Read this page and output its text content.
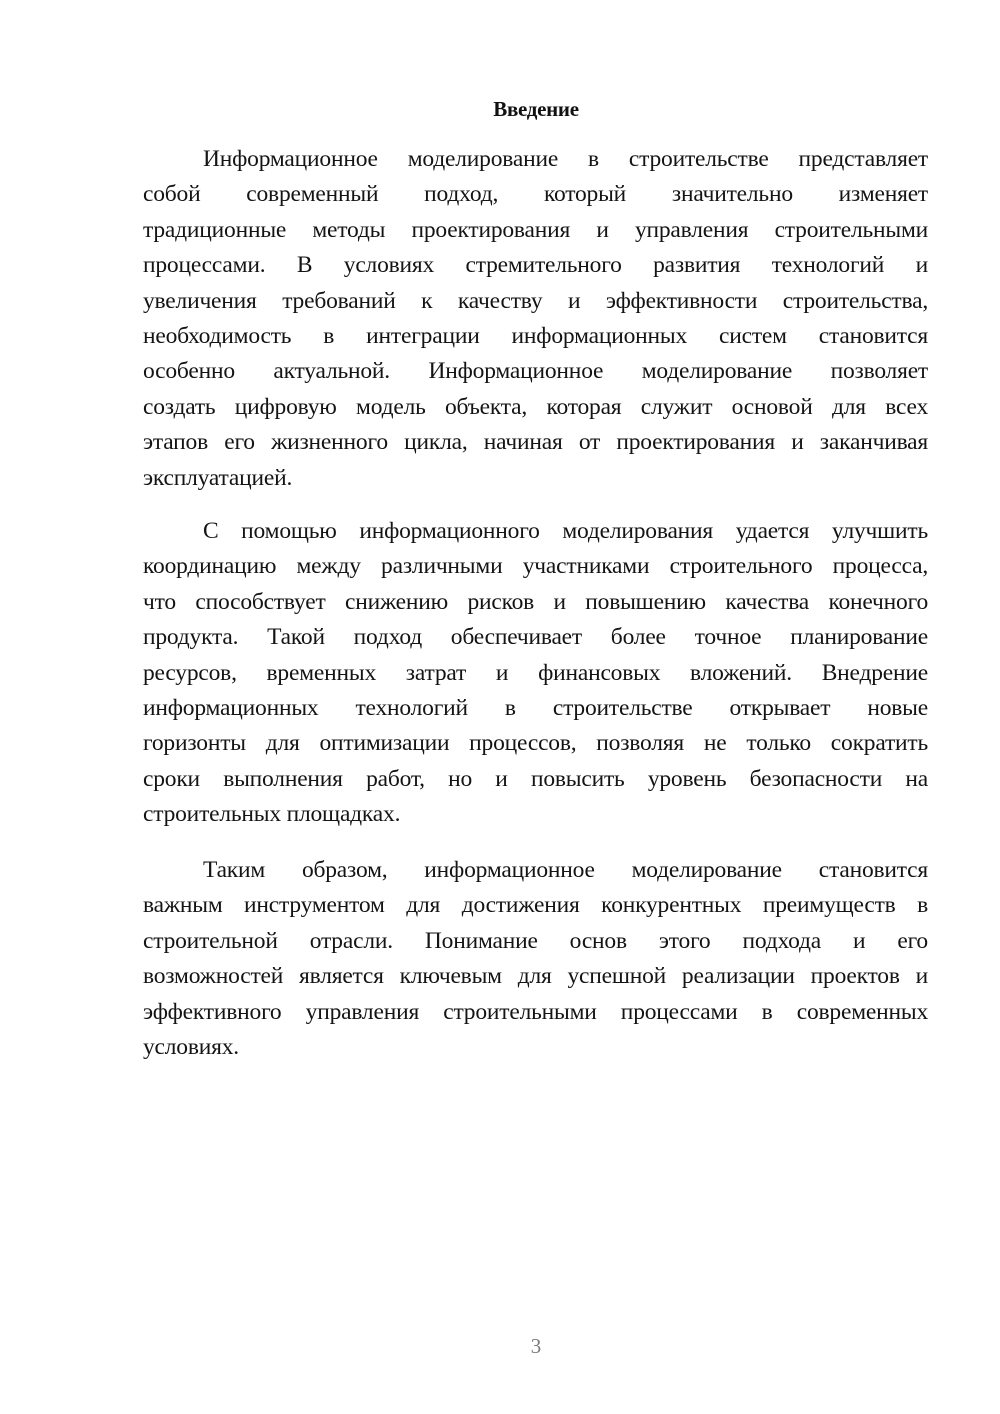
Введение
Информационное моделирование в строительстве представляет
собой современный подход, который значительно изменяет
традиционные методы проектирования и управления строительными
процессами. В условиях стремительного развития технологий и
увеличения требований к качеству и эффективности строительства,
необходимость в интеграции информационных систем становится
особенно актуальной. Информационное моделирование позволяет
создать цифровую модель объекта, которая служит основой для всех
этапов его жизненного цикла, начиная от проектирования и заканчивая
эксплуатацией.
С помощью информационного моделирования удается улучшить
координацию между различными участниками строительного процесса,
что способствует снижению рисков и повышению качества конечного
продукта. Такой подход обеспечивает более точное планирование
ресурсов, временных затрат и финансовых вложений. Внедрение
информационных технологий в строительстве открывает новые
горизонты для оптимизации процессов, позволяя не только сократить
сроки выполнения работ, но и повысить уровень безопасности на
строительных площадках.
Таким образом, информационное моделирование становится
важным инструментом для достижения конкурентных преимуществ в
строительной отрасли. Понимание основ этого подхода и его
возможностей является ключевым для успешной реализации проектов и
эффективного управления строительными процессами в современных
условиях.
3
